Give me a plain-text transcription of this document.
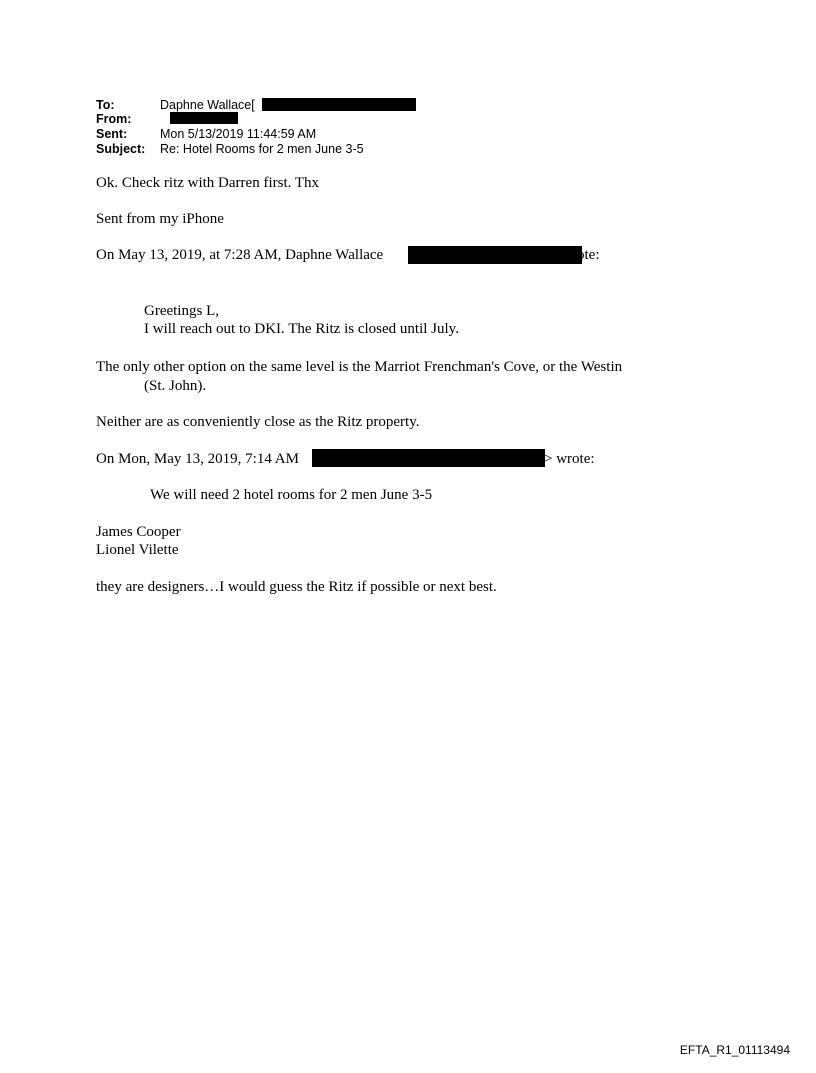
To:	Daphne Wallace[
From:
Sent:	Mon 5/13/2019 11:44:59 AM
Subject: Re: Hotel Rooms for 2 men June 3-5
Ok. Check ritz with Darren first. Thx
Sent from my iPhone
On May 13, 2019, at 7:28 AM, Daphne Wallace	rote:
Greetings L,
I will reach out to DKI. The Ritz is closed until July.
The only other option on the same level is the Marriot Frenchman's Cove, or the Westin
(St. John).
Neither are as conveniently close as the Ritz property.
On Mon, May 13, 2019, 7:14 AM	> wrote:
We will need 2 hotel rooms for 2 men June 3-5
James Cooper
Lionel Vilette
they are designers…I would guess the Ritz if possible or next best.
EFTA_R1_01113494
